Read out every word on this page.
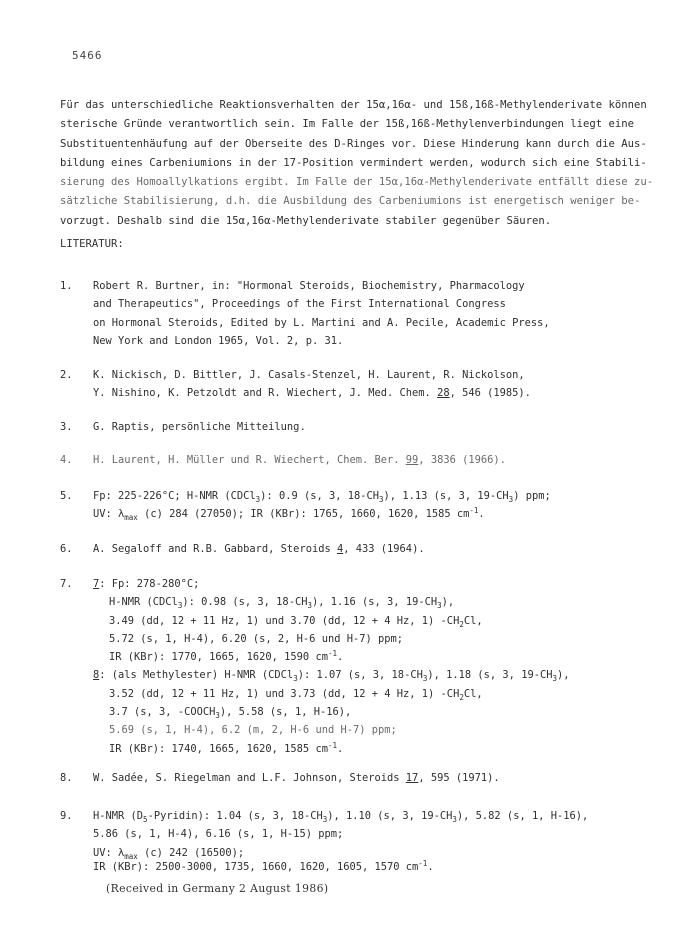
5466
Für das unterschiedliche Reaktionsverhalten der 15α,16α- und 15ß,16ß-Methylenderivate können
sterische Gründe verantwortlich sein. Im Falle der 15ß,16ß-Methylenverbindungen liegt eine
Substituentenhäufung auf der Oberseite des D-Ringes vor. Diese Hinderung kann durch die Aus-
bildung eines Carbeniumions in der 17-Position vermindert werden, wodurch sich eine Stabili-
sierung des Homoallylkations ergibt. Im Falle der 15α,16α-Methylenderivate entfällt diese zu-
sätzliche Stabilisierung, d.h. die Ausbildung des Carbeniumions ist energetisch weniger be-
vorzugt. Deshalb sind die 15α,16α-Methylenderivate stabiler gegenüber Säuren.
LITERATUR:
1.	Robert R. Burtner, in: "Hormonal Steroids, Biochemistry, Pharmacology
and Therapeutics", Proceedings of the First International Congress
on Hormonal Steroids, Edited by L. Martini and A. Pecile, Academic Press,
New York and London 1965, Vol. 2, p. 31.
2.	K. Nickisch, D. Bittler, J. Casals-Stenzel, H. Laurent, R. Nickolson,
Y. Nishino, K. Petzoldt and R. Wiechert, J. Med. Chem. 28, 546 (1985).
3.	G. Raptis, persönliche Mitteilung.
4.	H. Laurent, H. Müller und R. Wiechert, Chem. Ber. 99, 3836 (1966).
5.	Fp: 225-226°C; H-NMR (CDCl$_3$): 0.9 (s, 3, $18-CH_3$), 1.13 (s, 3, $19-CH_3$) ppm;
UV: $\lambda_{max}$ (c) 284 (27050); IR (KBr): 1765, 1660, 1620, 1585 $cm^{-1}$.
6.	A. Segaloff and R.B. Gabbard, Steroids 4, 433 (1964).
7.	7: Fp: 278-280°C;
H-NMR (CDCl$_3$): 0.98 (s, 3, $18-CH_3$), 1.16 (s, 3, $19-CH_3$),
3.49 (dd, 12 + 11 Hz, 1) und 3.70 (dd, 12 + 4 Hz, 1) $-CH_2Cl$,
5.72 (s, 1, H-4), 6.20 (s, 2, H-6 und H-7) ppm;
IR (KBr): 1770, 1665, 1620, 1590 $cm^{-1}$.
8: (als Methylester) H-NMR (CDCl$_3$): 1.07 (s, 3, $18-CH_3$), 1.18 (s, 3, $19-CH_3$),
3.52 (dd, 12 + 11 Hz, 1) und 3.73 (dd, 12 + 4 Hz, 1) $-CH_2Cl$,
3.7 (s, 3, $-COOCH_3$), 5.58 (s, 1, H-16),
5.69 (s, 1, H-4), 6.2 (m, 2, H-6 und H-7) ppm;
IR (KBr): 1740, 1665, 1620, 1585 $cm^{-1}$.
8.	W. Sadée, S. Riegelman and L.F. Johnson, Steroids 17, 595 (1971).
9.	H-NMR $(D_5-Pyridin)$: 1.04 (s, 3, $18-CH_3$), 1.10 (s, 3, $19-CH_3$), 5.82 (s, 1, H-16),
5.86 (s, 1, H-4), 6.16 (s, 1, H-15) ppm;
UV: $\lambda_{max}$ (c) 242 (16500);
IR (KBr): 2500-3000, 1735, 1660, 1620, 1605, 1570 $cm^{-1}$.
(Received in Germany 2 August 1986)
